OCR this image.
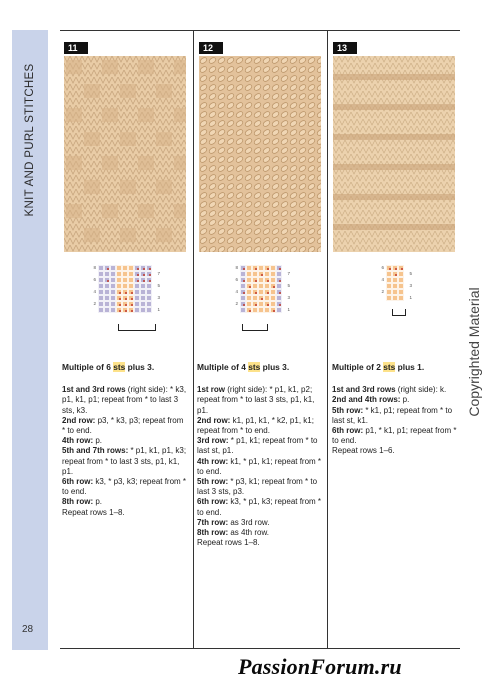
KNIT AND PURL STITCHES
28
11	12	13
8
6
4
2
7
5
3
1
8
6
4
2
7
5
3
1
6
4
2
5
3
1
Multiple of 6 sts plus 3.

1st and 3rd rows (right side): * k3, p1, k1, p1; repeat from * to last 3 sts, k3.

2nd row: p3, * k3, p3; repeat from * to end.

4th row: p.

5th and 7th rows: * p1, k1, p1, k3; repeat from * to last 3 sts, p1, k1, p1.

6th row: k3, * p3, k3; repeat from * to end.

8th row: p.

Repeat rows 1–8.

Multiple of 4 sts plus 3.

1st row (right side): * p1, k1, p2; repeat from * to last 3 sts, p1, k1, p1.

2nd row: k1, p1, k1, * k2, p1, k1; repeat from * to end.

3rd row: * p1, k1; repeat from * to last st, p1.

4th row: k1, * p1, k1; repeat from * to end.

5th row: * p3, k1; repeat from * to last 3 sts, p3.

6th row: k3, * p1, k3; repeat from * to end.

7th row: as 3rd row.

8th row: as 4th row.

Repeat rows 1–8.

Multiple of 2 sts plus 1.

1st and 3rd rows (right side): k.

2nd and 4th rows: p.

5th row: * k1, p1; repeat from * to last st, k1.

6th row: p1, * k1, p1; repeat from * to end.

Repeat rows 1–6.

Copyrighted Material
PassionForum.ru
